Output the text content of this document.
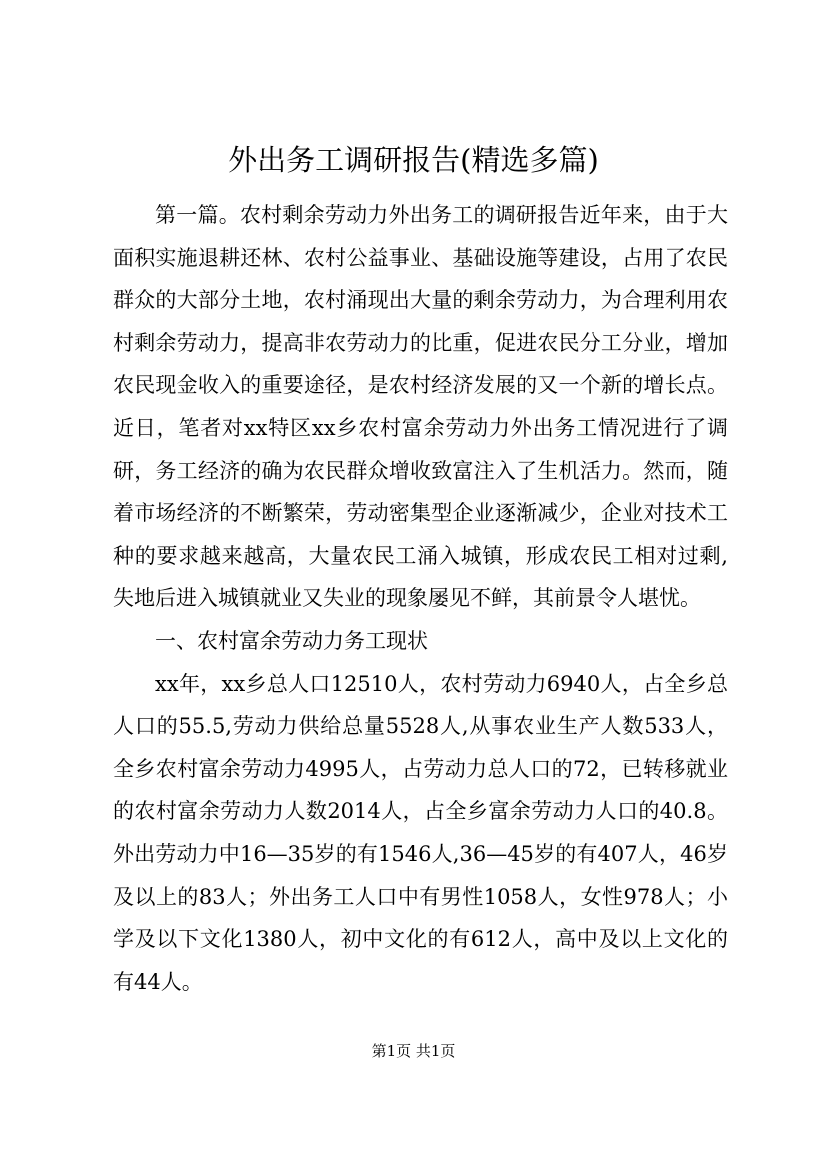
外出务工调研报告(精选多篇)

第一篇。农村剩余劳动力外出务工的调研报告近年来，由于大面积实施退耕还林、农村公益事业、基础设施等建设，占用了农民群众的大部分土地，农村涌现出大量的剩余劳动力，为合理利用农村剩余劳动力，提高非农劳动力的比重，促进农民分工分业，增加农民现金收入的重要途径，是农村经济发展的又一个新的增长点。近日，笔者对xx特区xx乡农村富余劳动力外出务工情况进行了调研，务工经济的确为农民群众增收致富注入了生机活力。然而，随着市场经济的不断繁荣，劳动密集型企业逐渐减少，企业对技术工种的要求越来越高，大量农民工涌入城镇，形成农民工相对过剩,失地后进入城镇就业又失业的现象屡见不鲜，其前景令人堪忧。

一、农村富余劳动力务工现状

xx年，xx乡总人口12510人，农村劳动力6940人，占全乡总人口的55.5,劳动力供给总量5528人,从事农业生产人数533人，全乡农村富余劳动力4995人，占劳动力总人口的72，已转移就业的农村富余劳动力人数2014人，占全乡富余劳动力人口的40.8。外出劳动力中16—35岁的有1546人,36—45岁的有407人，46岁及以上的83人；外出务工人口中有男性1058人，女性978人；小学及以下文化1380人，初中文化的有612人，高中及以上文化的有44人。

第1页 共1页
